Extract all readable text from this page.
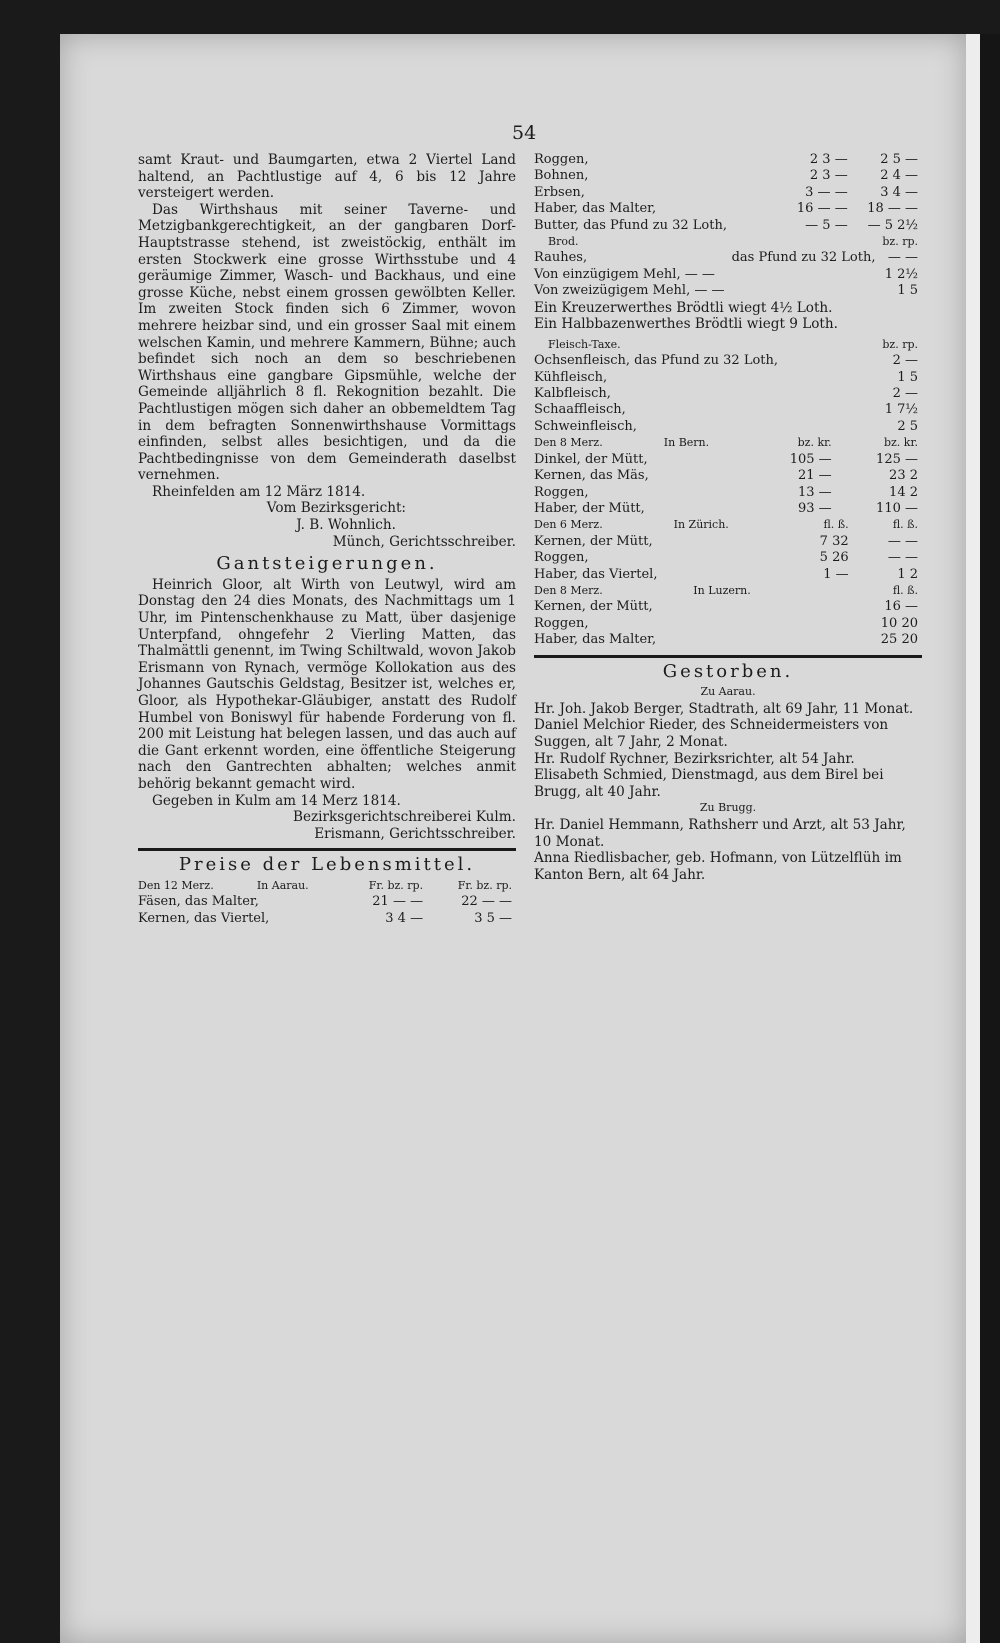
54

samt Kraut- und Baumgarten, etwa 2 Viertel Land haltend, an Pachtlustige auf 4, 6 bis 12 Jahre versteigert werden.

Das Wirthshaus mit seiner Taverne- und Metzigbankgerechtigkeit, an der gangbaren Dorf-Hauptstrasse stehend, ist zweistöckig, enthält im ersten Stockwerk eine grosse Wirthsstube und 4 geräumige Zimmer, Wasch- und Backhaus, und eine grosse Küche, nebst einem grossen gewölbten Keller. Im zweiten Stock finden sich 6 Zimmer, wovon mehrere heizbar sind, und ein grosser Saal mit einem welschen Kamin, und mehrere Kammern, Bühne; auch befindet sich noch an dem so beschriebenen Wirthshaus eine gangbare Gipsmühle, welche der Gemeinde alljährlich 8 fl. Rekognition bezahlt. Die Pachtlustigen mögen sich daher an obbemeldtem Tag in dem befragten Sonnenwirthshause Vormittags einfinden, selbst alles besichtigen, und da die Pachtbedingnisse von dem Gemeinderath daselbst vernehmen.

Rheinfelden am 12 März 1814.

Vom Bezirksgericht:

J. B. Wohnlich.

Münch, Gerichtsschreiber.

Gantsteigerungen.

Heinrich Gloor, alt Wirth von Leutwyl, wird am Donstag den 24 dies Monats, des Nachmittags um 1 Uhr, im Pintenschenkhause zu Matt, über dasjenige Unterpfand, ohngefehr 2 Vierling Matten, das Thalmättli genennt, im Twing Schiltwald, wovon Jakob Erismann von Rynach, vermöge Kollokation aus des Johannes Gautschis Geldstag, Besitzer ist, welches er, Gloor, als Hypothekar-Gläubiger, anstatt des Rudolf Humbel von Boniswyl für habende Forderung von fl. 200 mit Leistung hat belegen lassen, und das auch auf die Gant erkennt worden, eine öffentliche Steigerung nach den Gantrechten abhalten; welches anmit behörig bekannt gemacht wird.

Gegeben in Kulm am 14 Merz 1814.

Bezirksgerichtschreiberei Kulm.

Erismann, Gerichtsschreiber.

Preise der Lebensmittel.
Den 12 Merz.	In Aarau.	Fr. bz. rp.	Fr. bz. rp.
Fäsen, das Malter,		21 — —	22 — —
Kernen, das Viertel,		3 4 —	3 5 —
Roggen,	2 3 —	2 5 —
Bohnen,	2 3 —	2 4 —
Erbsen,	3 — —	3 4 —
Haber, das Malter,	16 — —	18 — —
Butter, das Pfund zu 32 Loth,	— 5 —	— 5 2½
Brod.		bz. rp.
Rauhes,	das Pfund zu 32 Loth,	— —
Von einzügigem Mehl, — —		1 2½
Von zweizügigem Mehl, — —		1 5

Ein Kreuzerwerthes Brödtli wiegt 4½ Loth.

Ein Halbbazenwerthes Brödtli wiegt 9 Loth.

Fleisch-Taxe.	bz. rp.
Ochsenfleisch, das Pfund zu 32 Loth,	2 —
Kühfleisch,	1 5
Kalbfleisch,	2 —
Schaaffleisch,	1 7½
Schweinfleisch,	2 5
Den 8 Merz.	In Bern.	bz. kr.	bz. kr.
Dinkel, der Mütt,		105 —	125 —
Kernen, das Mäs,		21 —	23 2
Roggen,		13 —	14 2
Haber, der Mütt,		93 —	110 —
Den 6 Merz.	In Zürich.	fl. ß.	fl. ß.
Kernen, der Mütt,		7 32	— —
Roggen,		5 26	— —
Haber, das Viertel,		1 —	1 2
Den 8 Merz.	In Luzern.	fl. ß.
Kernen, der Mütt,		16 —
Roggen,		10 20
Haber, das Malter,		25 20
Gestorben.

Zu Aarau.

Hr. Joh. Jakob Berger, Stadtrath, alt 69 Jahr, 11 Monat.

Daniel Melchior Rieder, des Schneidermeisters von Suggen, alt 7 Jahr, 2 Monat.

Hr. Rudolf Rychner, Bezirksrichter, alt 54 Jahr.

Elisabeth Schmied, Dienstmagd, aus dem Birel bei Brugg, alt 40 Jahr.

Zu Brugg.

Hr. Daniel Hemmann, Rathsherr und Arzt, alt 53 Jahr, 10 Monat.

Anna Riedlisbacher, geb. Hofmann, von Lützelflüh im Kanton Bern, alt 64 Jahr.
